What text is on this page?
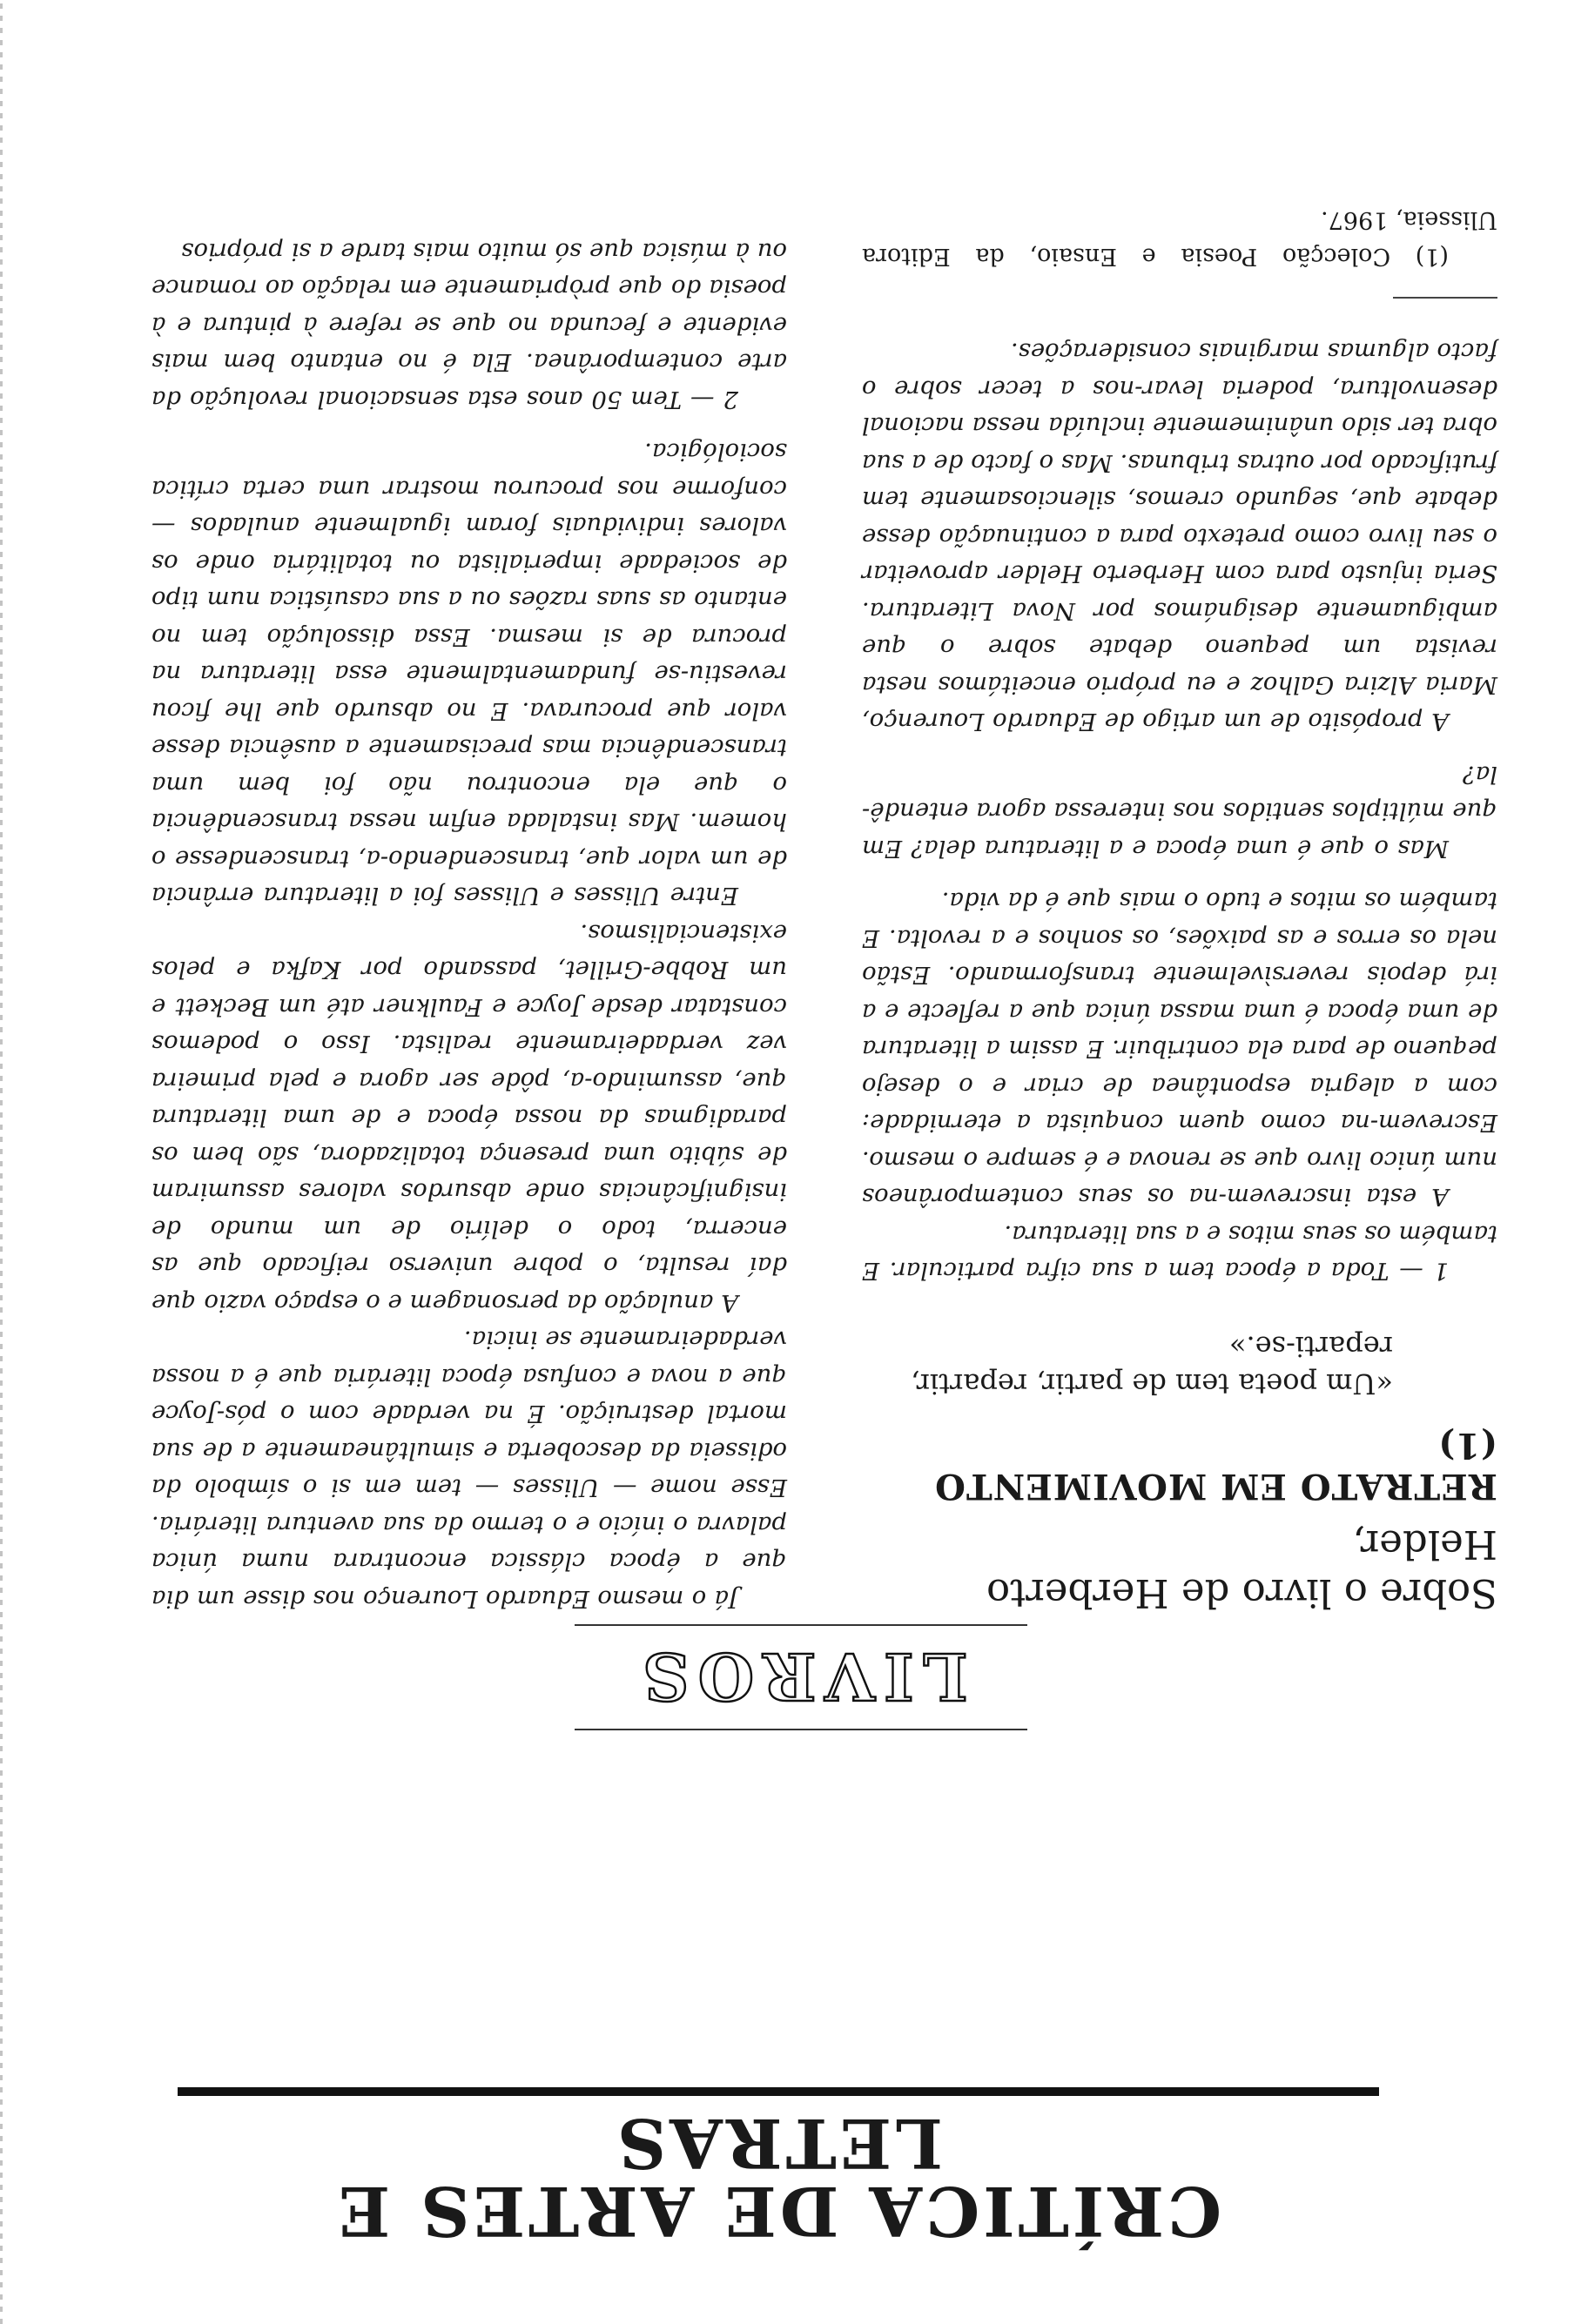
CRÍTICA DE ARTES E LETRAS
LIVROS
Sobre o livro de Herberto Helder,
RETRATO EM MOVIMENTO (1)
«Um poeta tem de partir, repartir, reparti-se.»

1 — Toda a época tem a sua cifra particular. E também os seus mitos e a sua literatura.

A esta inscrevem-na os seus contemporâneos num único livro que se renova e é sempre o mesmo. Escrevem-na como quem conquista a eternidade: com a alegria espontânea de criar e o desejo pequeno de para ela contribuir. E assim a literatura de uma época é uma massa única que a reflecte e a irá depois reversìvelmente transformando. Estão nela os erros e as paixões, os sonhos e a revolta. E também os mitos e tudo o mais que é da vida.

Mas o que é uma época e a literatura dela? Em que múltiplos sentidos nos interessa agora entendê-la?

A propósito de um artigo de Eduardo Lourenço, Maria Alzira Galhoz e eu próprio enceitámos nesta revista um pequeno debate sobre o que ambiguamente designámos por Nova Literatura. Seria injusto para com Herberto Helder aproveitar o seu livro como pretexto para a continuação desse debate que, segundo cremos, silenciosamente tem frutificado por outras tribunas. Mas o facto de a sua obra ter sido unânimemente incluída nessa nacional desenvoltura, poderia levar-nos a tecer sobre o facto algumas marginais considerações.

(1) Colecção Poesia e Ensaio, da Editora Ulisseia, 1967.

Já o mesmo Eduardo Lourenço nos disse um dia que a época clássica encontrara numa única palavra o início e o termo da sua aventura literária. Esse nome — Ulisses — tem em si o símbolo da odisseia da descoberta e simultâneamente a de sua mortal destruição. É na verdade com o pós-Joyce que a nova e confusa época literária que é a nossa verdadeiramente se inicia.

A anulação da personagem e o espaço vazio que daí resulta, o pobre universo reificado que as encerra, todo o delírio de um mundo de insignificâncias onde absurdos valores assumiram de súbito uma presença totalizadora, são bem os paradigmas da nossa época e de uma literatura que, assumindo-a, pôde ser agora e pela primeira vez verdadeiramente realista. Isso o podemos constatar desde Joyce e Faulkner até um Beckett e um Robbe-Grillet, passando por Kafka e pelos existencialismos.

Entre Ulisses e Ulisses foi a literatura errância de um valor que, transcendendo-a, transcendesse o homem. Mas instalada enfim nessa transcendência o que ela encontrou não foi bem uma transcendência mas precisamente a ausência desse valor que procurava. E no absurdo que lhe ficou revestiu-se fundamentalmente essa literatura na procura de si mesma. Essa dissolução tem no entanto as suas razões ou a sua casuística num tipo de sociedade imperialista ou totalitária onde os valores individuais foram igualmente anulados — conforme nos procurou mostrar uma certa crítica sociológica.

2 — Tem 50 anos esta sensacional revolução da arte contemporânea. Ela é no entanto bem mais evidente e fecunda no que se refere à pintura e à poesia do que pròpriamente em relação ao romance ou à música que só muito mais tarde a si próprios
